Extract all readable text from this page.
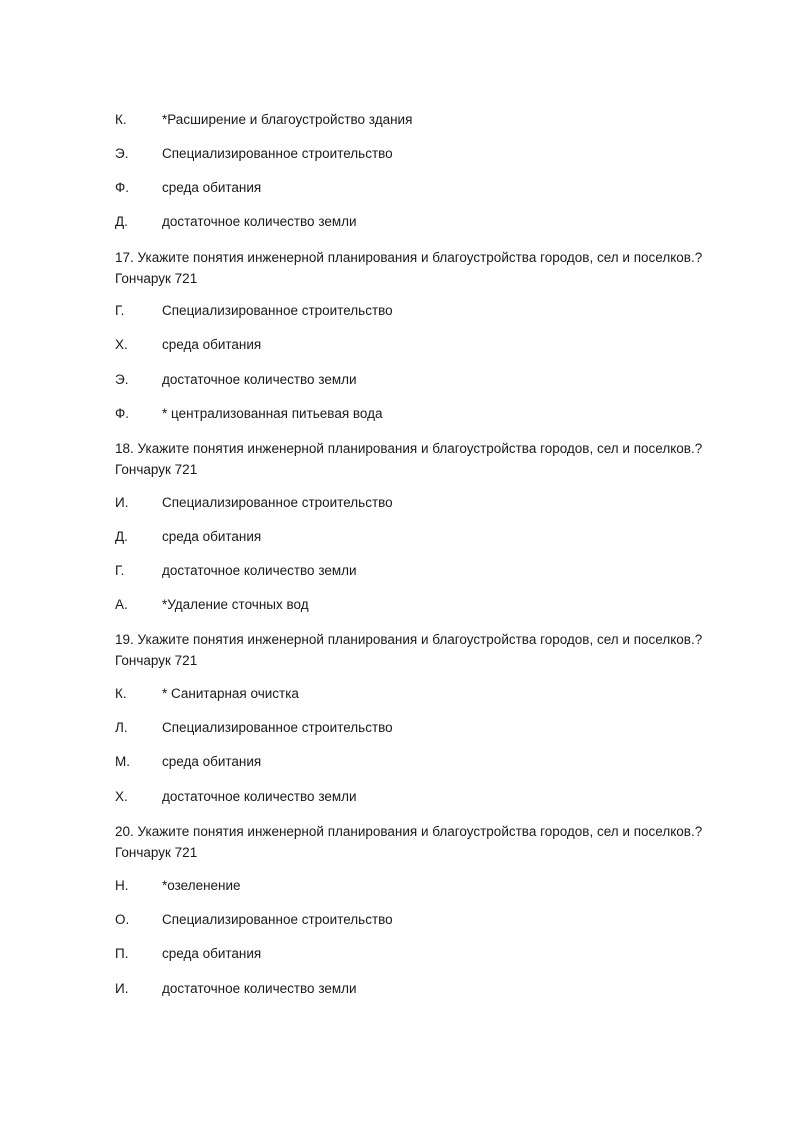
К.	*Расширение и благоустройство здания
Э. Специализированное строительство
Ф. среда обитания
Д.	достаточное количество земли
17. Укажите понятия инженерной планирования и благоустройства городов, сел и поселков.?
Гончарук 721
Г.	Специализированное строительство
Х.	среда обитания
Э. достаточное количество земли
Ф. * централизованная питьевая вода
18. Укажите понятия инженерной планирования и благоустройства городов, сел и поселков.?
Гончарук 721
И. Специализированное строительство
Д.	среда обитания
Г.	достаточное количество земли
А.	*Удаление сточных вод
19. Укажите понятия инженерной планирования и благоустройства городов, сел и поселков.?
Гончарук 721
К.	* Санитарная очистка
Л.	Специализированное строительство
М. среда обитания
Х.	достаточное количество земли
20. Укажите понятия инженерной планирования и благоустройства городов, сел и поселков.?
Гончарук 721
Н. *озеленение
О. Специализированное строительство
П. среда обитания
И. достаточное количество земли
